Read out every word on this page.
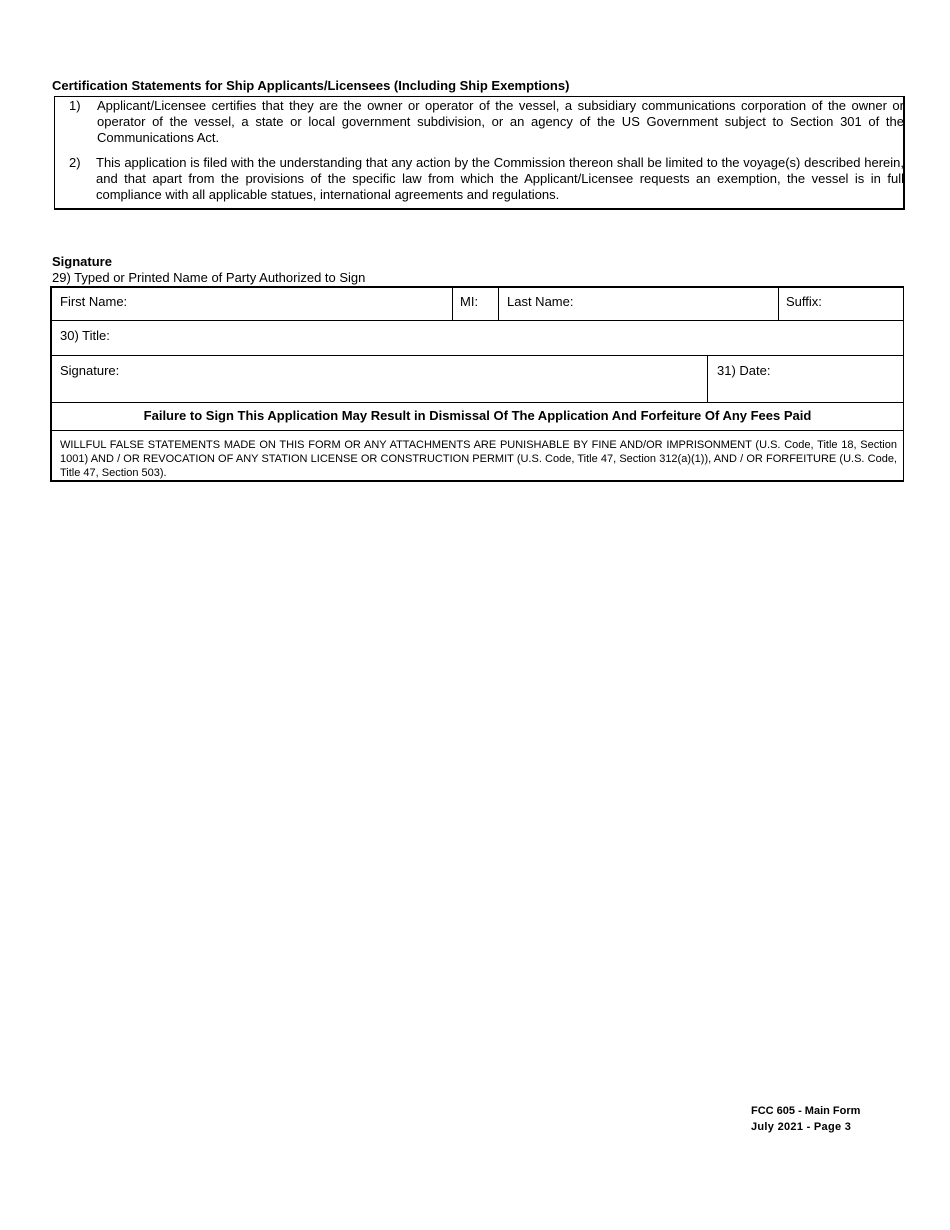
Certification Statements for Ship Applicants/Licensees (Including Ship Exemptions)
1) Applicant/Licensee certifies that they are the owner or operator of the vessel, a subsidiary communications corporation of the owner or operator of the vessel, a state or local government subdivision, or an agency of the US Government subject to Section 301 of the Communications Act.
2) This application is filed with the understanding that any action by the Commission thereon shall be limited to the voyage(s) described herein, and that apart from the provisions of the specific law from which the Applicant/Licensee requests an exemption, the vessel is in full compliance with all applicable statues, international agreements and regulations.
Signature
29) Typed or Printed Name of Party Authorized to Sign
First Name:	MI: Last Name:	Suffix:
30) Title:
Signature:	31) Date:
Failure to Sign This Application May Result in Dismissal Of The Application And Forfeiture Of Any Fees Paid
WILLFUL FALSE STATEMENTS MADE ON THIS FORM OR ANY ATTACHMENTS ARE PUNISHABLE BY FINE AND/OR IMPRISONMENT (U.S. Code, Title 18, Section 1001) AND / OR REVOCATION OF ANY STATION LICENSE OR CONSTRUCTION PERMIT (U.S. Code, Title 47, Section 312(a)(1)), AND / OR FORFEITURE (U.S. Code, Title 47, Section 503).
FCC 605 - Main Form
July 2021 - Page 3
